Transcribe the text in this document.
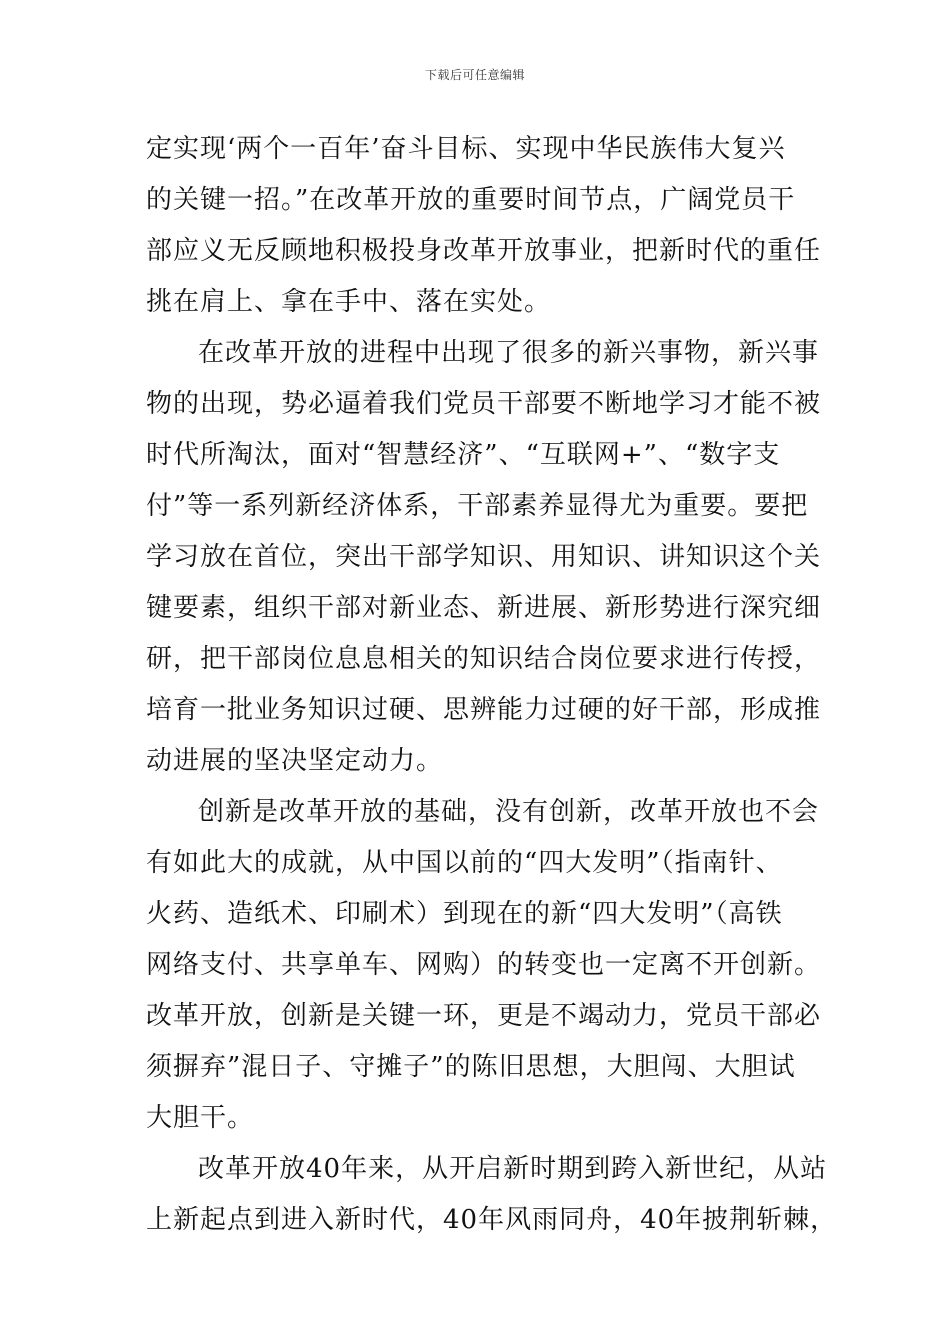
下载后可任意编辑
定实现‘两个一百年’奋斗目标、实现中华民族伟大复兴
的关键一招。”在改革开放的重要时间节点，广阔党员干
部应义无反顾地积极投身改革开放事业，把新时代的重任
挑在肩上、拿在手中、落在实处。
在改革开放的进程中出现了很多的新兴事物，新兴事
物的出现，势必逼着我们党员干部要不断地学习才能不被
时代所淘汰，面对“智慧经济”、“互联网+”、“数字支
付”等一系列新经济体系，干部素养显得尤为重要。要把
学习放在首位，突出干部学知识、用知识、讲知识这个关
键要素，组织干部对新业态、新进展、新形势进行深究细
研，把干部岗位息息相关的知识结合岗位要求进行传授，
培育一批业务知识过硬、思辨能力过硬的好干部，形成推
动进展的坚决坚定动力。
创新是改革开放的基础，没有创新，改革开放也不会
有如此大的成就，从中国以前的“四大发明”（指南针、
火药、造纸术、印刷术）到现在的新“四大发明”（高铁
网络支付、共享单车、网购）的转变也一定离不开创新。
改革开放，创新是关键一环，更是不竭动力，党员干部必
须摒弃”混日子、守摊子”的陈旧思想，大胆闯、大胆试
大胆干。
改革开放40年来，从开启新时期到跨入新世纪，从站
上新起点到进入新时代，40年风雨同舟，40年披荆斩棘，
